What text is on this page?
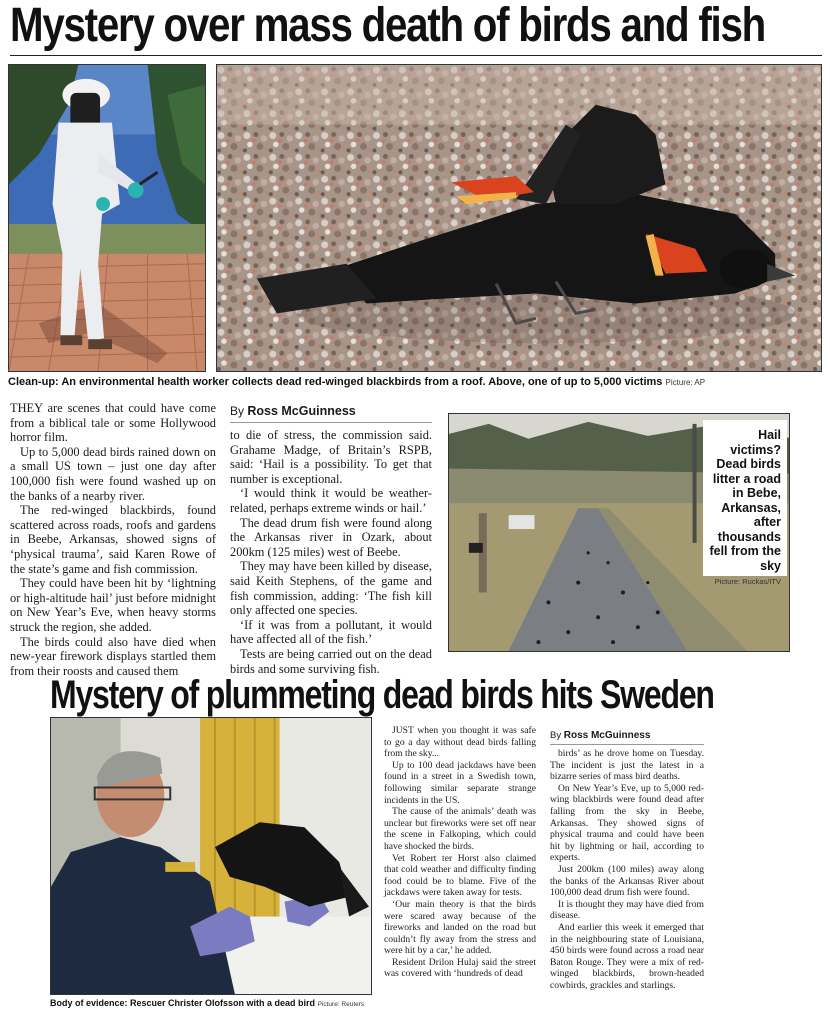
Mystery over mass death of birds and fish
Clean-up: An environmental health worker collects dead red-winged blackbirds from a roof. Above, one of up to 5,000 victims Picture: AP

THEY are scenes that could have come from a biblical tale or some Hollywood horror film.

Up to 5,000 dead birds rained down on a small US town – just one day after 100,000 fish were found washed up on the banks of a nearby river.

The red-winged blackbirds, found scattered across roads, roofs and gardens in Beebe, Arkansas, showed signs of ‘physical trauma’, said Karen Rowe of the state’s game and fish commission.

They could have been hit by ‘lightning or high-altitude hail’ just before midnight on New Year’s Eve, when heavy storms struck the region, she added.

The birds could also have died when new-year firework displays startled them from their roosts and caused them

By Ross McGuinness

to die of stress, the commission said. Grahame Madge, of Britain’s RSPB, said: ‘Hail is a possibility. To get that number is exceptional.

‘I would think it would be weather-related, perhaps extreme winds or hail.’

The dead drum fish were found along the Arkansas river in Ozark, about 200km (125 miles) west of Beebe.

They may have been killed by disease, said Keith Stephens, of the game and fish commission, adding: ‘The fish kill only affected one species.

‘If it was from a pollutant, it would have affected all of the fish.’

Tests are being carried out on the dead birds and some surviving fish.

Hail victims? Dead birds litter a road in Bebe, Arkansas, after thousands fell from the sky
Picture: Ruckas/ITV
Mystery of plummeting dead birds hits Sweden
Body of evidence: Rescuer Christer Olofsson with a dead bird Picture: Reuters

JUST when you thought it was safe to go a day without dead birds falling from the sky...

Up to 100 dead jackdaws have been found in a street in a Swedish town, following similar separate strange incidents in the US.

The cause of the animals’ death was unclear but fireworks were set off near the scene in Falkoping, which could have shocked the birds.

Vet Robert ter Horst also claimed that cold weather and difficulty finding food could be to blame. Five of the jackdaws were taken away for tests.

‘Our main theory is that the birds were scared away because of the fireworks and landed on the road but couldn’t fly away from the stress and were hit by a car,’ he added.

Resident Drilon Hulaj said the street was covered with ‘hundreds of dead

By Ross McGuinness

birds’ as he drove home on Tuesday. The incident is just the latest in a bizarre series of mass bird deaths.

On New Year’s Eve, up to 5,000 red-wing blackbirds were found dead after falling from the sky in Beebe, Arkansas. They showed signs of physical trauma and could have been hit by lightning or hail, according to experts.

Just 200km (100 miles) away along the banks of the Arkansas River about 100,000 dead drum fish were found.

It is thought they may have died from disease.

And earlier this week it emerged that in the neighbouring state of Louisiana, 450 birds were found across a road near Baton Rouge. They were a mix of red-winged blackbirds, brown-headed cowbirds, grackles and starlings.
